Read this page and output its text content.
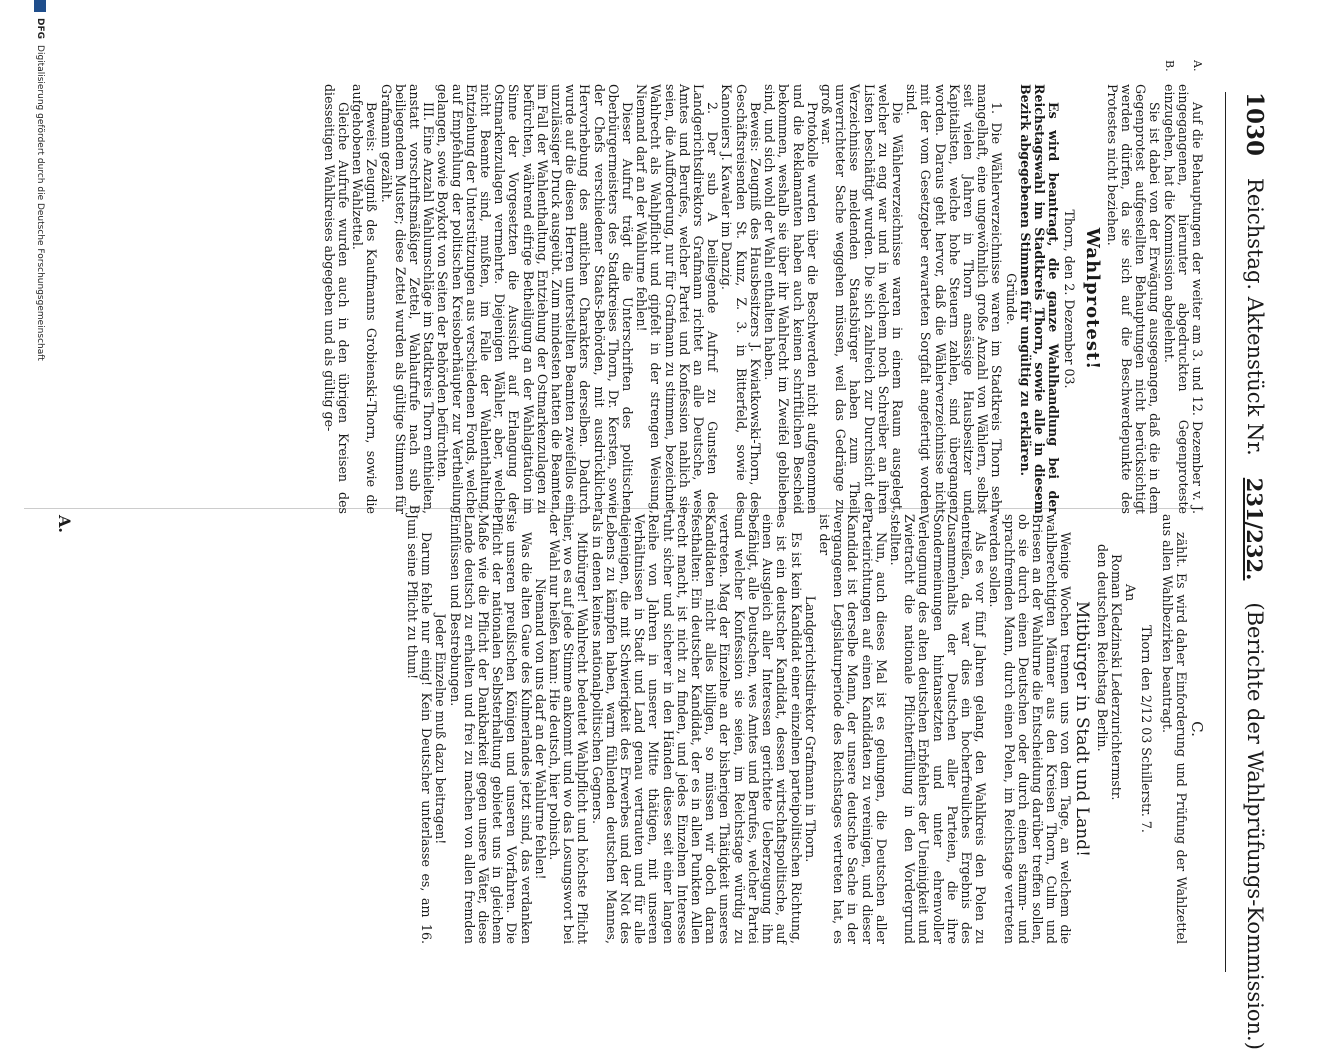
1030
Reichstag. Aktenstück Nr.
231/232.
(Berichte der Wahlprüfungs-Kommission.)
A.
B.

Auf die Behauptungen der weiter am 3. und 12. Dezember v. J. eingegangenen, hierunter abgedruckten Gegenproteste einzugehen, hat die Kommission abgelehnt.

Sie ist dabei von der Erwägung ausgegangen, daß die in dem Gegenprotest aufgestellten Behauptungen nicht berücksichtigt werden dürfen, da sie sich auf die Beschwerdepunkte des Protestes nicht beziehen.

Wahlprotest!

Thorn, den 2. Dezember 03.

Es wird beantragt, die ganze Wahlhandlung bei der Reichstagswahl im Stadtkreis Thorn, sowie alle in diesem Bezirk abgegebenen Stimmen für ungültig zu erklären.

Gründe.

1. Die Wählerverzeichnisse waren im Stadtkreis Thorn sehr mangelhaft, eine ungewöhnlich große Anzahl von Wählern, selbst seit vielen Jahren in Thorn ansässige Hausbesitzer und Kapitalisten, welche hohe Steuern zahlen, sind übergangen worden. Daraus geht hervor, daß die Wählerverzeichnisse nicht mit der vom Gesetzgeber erwarteten Sorgfalt angefertigt worden sind.

Die Wählerverzeichnisse waren in einem Raum ausgelegt, welcher zu eng war und in welchem noch Schreiber an ihren Listen beschäftigt wurden. Die sich zahlreich zur Durchsicht der Verzeichnisse meldenden Staatsbürger haben zum Theil unverrichteter Sache weggehen müssen, weil das Gedränge zu groß war.

Protokolle wurden über die Beschwerden nicht aufgenommen und die Reklamanten haben auch keinen schriftlichen Bescheid bekommen, weshalb sie über ihr Wahlrecht im Zweifel geblieben sind, und sich wohl der Wahl enthalten haben.

Beweis: Zeugniß des Hausbesitzers J. Kwiatkowski-Thorn, des Geschäftsreisenden St. Kunz, Z. 3. in Bitterfeld, sowie des Kanoniers J. Kawaler im Danzig.

2. Der sub A beiliegende Aufruf zu Gunsten des Landgerichtsdirektors Grafmann richtet an alle Deutsche, wes Amtes und Berufes, welcher Partei und Konfession nahlich sie seien, die Aufforderung, nur für Grafmann zu stimmen, bezeichnet Wahlrecht als Wahlpflicht und gipfelt in der strengen Weisung, Niemand darf an der Wahlurne fehlen!

Dieser Aufruf trägt die Unterschriften des politischen Oberbürgermeisters des Stadtkreises Thorn, Dr. Kersten, sowie der Chefs verschiedener Staats-Behörden, mit ausdrücklicher Hervorhebung des amtlichen Charakters derselben. Dadurch wurde auf die diesen Herren unterstellten Beamten zweifellos ein unzulässiger Druck ausgeübt. Zum mindesten hatten die Beamten, im Fall der Wahlenthaltung, Entziehung der Ostmarkenzulagen zu befürchten, während eifrige Betheiligung an der Wahlagitation im Sinne der Vorgesetzten die Aussicht auf Erlangung der Ostmarkenzulagen vermehrte. Diejenigen Wähler, aber, welche nicht Beamte sind, mußten, im Falle der Wahlenthaltung, Entziehung der Unterstützungen aus verschiedenen Fonds, welche auf Empfehlung der politischen Kreisoberhäupter zur Vertheilung gelangen, sowie Boykott von Seiten der Behörden befürchten.

III. Eine Anzahl Wahlumschläge im Stadtkreis Thorn enthielten, anstatt vorschriftsmäßiger Zettel, Wahlaufrufe nach sub B beiliegendem Muster; diese Zettel wurden als gültige Stimmen für Grafmann gezählt.

Beweis: Zeugniß des Kaufmanns Grobienski-Thorn, sowie die aufgehobenen Wahlzettel.

Gleiche Aufrufe wurden auch in den übrigen Kreisen des diesseitigen Wahlkreises abgegeben und als gültig ge-

C.

zählt. Es wird daher Einforderung und Prüfung der Wahlzettel aus allen Wahlbezirken beantragt.

Thorn den 2/12 03 Schillerstr. 7.

An

Roman Kledzinski Lederzurichtermstr.

den deutschen Reichstag Berlin.

Mitbürger in Stadt und Land!

Wenige Wochen trennen uns von dem Tage, an welchem die wahlberechtigten Männer aus den Kreisen Thorn, Culm und Briesen an der Wahlurne die Entscheidung darüber treffen sollen, ob sie durch einen Deutschen oder durch einen stamm- und sprachfremden Mann, durch einen Polen, im Reichstage vertreten werden sollen.

Als es vor fünf Jahren gelang, den Wahlkreis den Polen zu entreißen, da war dies ein hocherfreuliches Ergebnis des Zusammenhalts der Deutschen aller Parteien, die ihre Sondermeinungen hintansetzten und unter ehrenvoller Verleugnung des alten deutschen Erbfehlers der Uneinigkeit und Zwietracht die nationale Pflichterfüllung in den Vordergrund stellten.

Nun, auch dieses Mal ist es gelungen, die Deutschen aller Parteirichtungen auf einen Kandidaten zu vereinigen, und dieser Kandidat ist derselbe Mann, der unsere deutsche Sache in der vergangenen Legislaturperiode des Reichstages vertreten hat, es ist der

Landgerichtsdirektor Grafmann in Thorn.

Es ist kein Kandidat einer einzelnen parteipolitischen Richtung, es ist ein deutscher Kandidat, dessen wirtschaftspolitische, auf einen Ausgleich aller Interessen gerichtete Ueberzeugung ihn befähigt, alle Deutschen, wes Amtes und Berufes, welcher Partei und welcher Konfession sie seien, im Reichstage würdig zu vertreten. Mag der Einzelne an der bisherigen Thätigkeit unseres Kandidaten nicht alles billigen, so müssen wir doch daran festhalten: Ein deutscher Kandidat, der es in allen Punkten Allen recht macht, ist nicht zu finden, und jedes Einzelnen Interesse ruht sicher und sicherer in den Händen dieses seit einer langen Reihe von Jahren in unserer Mitte thätigen, mit unseren Verhältnissen in Stadt und Land genau vertrauten und für alle diejenigen, die mit Schwierigkeit des Erwerbes und der Not des Lebens zu kämpfen haben, warm fühlenden deutschen Mannes, als in denen keines nationalpolitischen Gegners.

Mitbürger! Wahlrecht bedeutet Wahlpflicht und höchste Pflicht hier, wo es auf jede Stimme ankommt und wo das Losungswort bei der Wahl nur heißen kann: Hie deutsch, hier polnisch.

Niemand von uns darf an der Wahlurne fehlen!

Was die alten Gaue des Kulmerlandes jetzt sind, das verdanken sie unseren preußischen Königen und unseren Vorfahren. Die Pflicht der nationalen Selbsterhaltung gebietet uns in gleichem Maße wie die Pflicht der Dankbarkeit gegen unsere Väter, diese Lande deutsch zu erhalten und frei zu machen von allen fremden Einflüssen und Bestrebungen.

Jeder Einzelne muß dazu beitragen!

Darum fehle nur einig! Kein Deutscher unterlasse es, am 16. Juni seine Pflicht zu thun!

A.
DFG
Digitalisierung gefördert durch die Deutsche Forschungsgemeinschaft
